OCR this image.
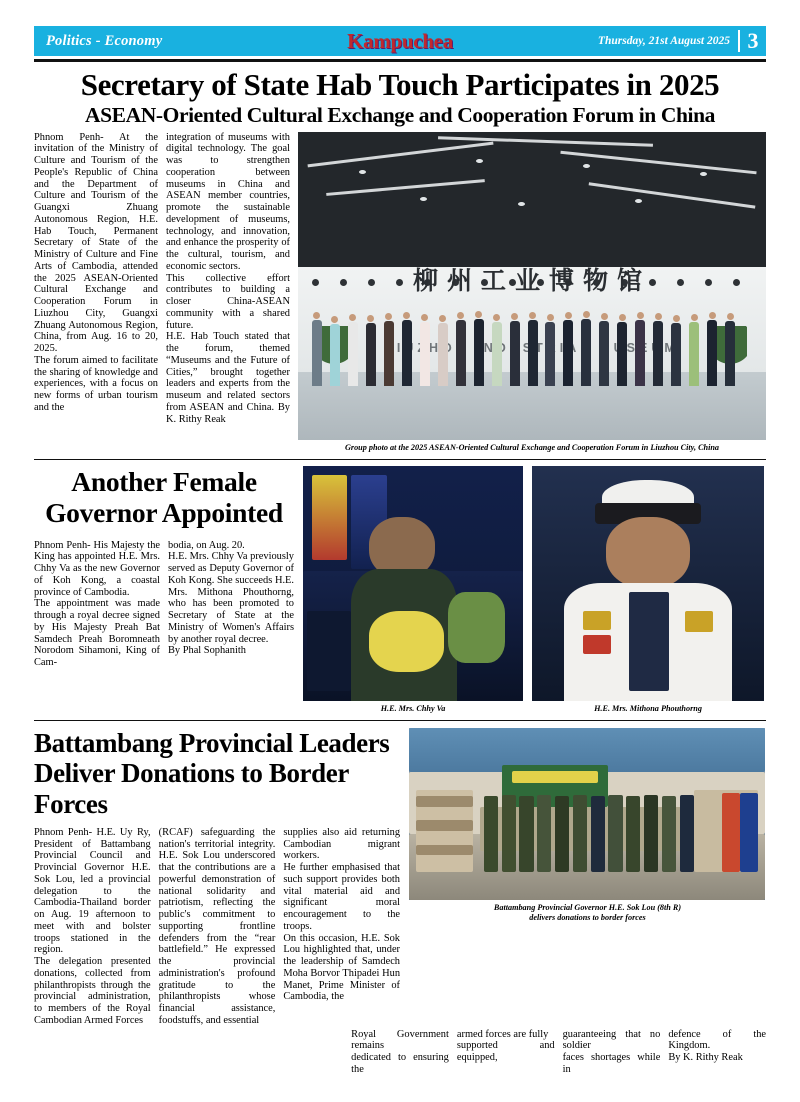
Politics - Economy	Kampuchea	Thursday, 21st August 2025 3
Secretary of State Hab Touch Participates in 2025
ASEAN-Oriented Cultural Exchange and Cooperation Forum in China

Phnom Penh- At the invitation of the Ministry of Culture and Tourism of the People's Republic of China and the Department of Culture and Tourism of the Guangxi Zhuang Autonomous Region, H.E. Hab Touch, Permanent Secretary of State of the Ministry of Culture and Fine Arts of Cambodia, attended the 2025 ASEAN-Oriented Cultural Exchange and Cooperation Forum in Liuzhou City, Guangxi Zhuang Autonomous Region, China, from Aug. 16 to 20, 2025.

The forum aimed to facilitate the sharing of knowledge and experiences, with a focus on new forms of urban tourism and the

integration of museums with digital technology. The goal was to strengthen cooperation between museums in China and ASEAN member countries, promote the sustainable development of museums, technology, and innovation, and enhance the prosperity of the cultural, tourism, and economic sectors.

This collective effort contributes to building a closer China-ASEAN community with a shared future.

H.E. Hab Touch stated that the forum, themed “Museums and the Future of Cities,” brought together leaders and experts from the museum and related sectors from ASEAN and China. By K. Rithy Reak

柳州工业博物馆
Group photo at the 2025 ASEAN-Oriented Cultural Exchange and Cooperation Forum in Liuzhou City, China
Another Female
Governor Appointed

Phnom Penh- His Majesty the King has appointed H.E. Mrs. Chhy Va as the new Governor of Koh Kong, a coastal province of Cambodia.

The appointment was made through a royal decree signed by His Majesty Preah Bat Samdech Preah Boromneath Norodom Sihamoni, King of Cam-

bodia, on Aug. 20.

H.E. Mrs. Chhy Va previously served as Deputy Governor of Koh Kong. She succeeds H.E. Mrs. Mithona Phouthorng, who has been promoted to Secretary of State at the Ministry of Women's Affairs by another royal decree.

By Phal Sophanith

H.E. Mrs. Chhy Va	H.E. Mrs. Mithona Phouthorng
Battambang Provincial Leaders
Deliver Donations to Border Forces

Phnom Penh- H.E. Uy Ry, President of Battambang Provincial Council and Provincial Governor H.E. Sok Lou, led a provincial delegation to the Cambodia-Thailand border on Aug. 19 afternoon to meet with and bolster troops stationed in the region.

The delegation presented donations, collected from philanthropists through the provincial administration, to members of the Royal Cambodian Armed Forces

(RCAF) safeguarding the nation's territorial integrity. H.E. Sok Lou underscored that the contributions are a powerful demonstration of national solidarity and patriotism, reflecting the public's commitment to supporting frontline defenders from the “rear battlefield.” He expressed the provincial administration's profound gratitude to the philanthropists whose financial assistance, foodstuffs, and essential

supplies also aid returning Cambodian migrant workers.

He further emphasised that such support provides both vital material aid and significant moral encouragement to the troops.

On this occasion, H.E. Sok Lou highlighted that, under the leadership of Samdech Moha Borvor Thipadei Hun Manet, Prime Minister of Cambodia, the

Battambang Provincial Governor H.E. Sok Lou (8th R)
delivers donations to border forces
Royal Government remains
dedicated to ensuring the
armed forces are fully
supported and equipped,
guaranteeing that no soldier
faces shortages while in
defence of the Kingdom.
By K. Rithy Reak
